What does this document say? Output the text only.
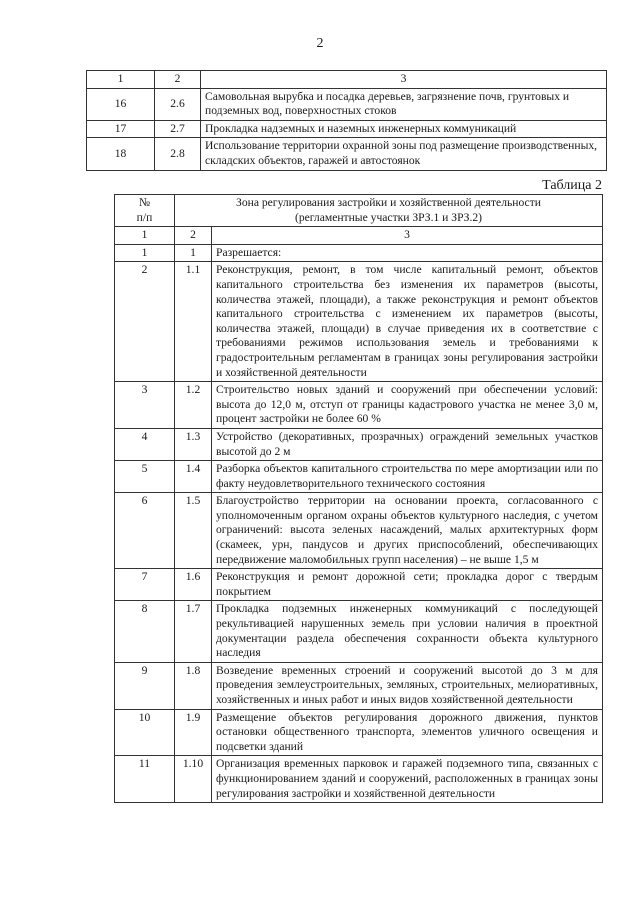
2
1	2	3
16	2.6	Самовольная вырубка и посадка деревьев, загрязнение почв, грунтовых и подземных вод, поверхностных стоков
17	2.7	Прокладка надземных и наземных инженерных коммуникаций
18	2.8	Использование территории охранной зоны под размещение производственных, складских объектов, гаражей и автостоянок
Таблица 2
№
п/п	Зона регулирования застройки и хозяйственной деятельности
(регламентные участки ЗРЗ.1 и ЗРЗ.2)	
1	2	3
1	1	Разрешается:
2	1.1	Реконструкция, ремонт, в том числе капитальный ремонт, объектов капитального строительства без изменения их параметров (высоты, количества этажей, площади), а также реконструкция и ремонт объектов капитального строительства с изменением их параметров (высоты, количества этажей, площади) в случае приведения их в соответствие с требованиями режимов использования земель и требованиями к градостроительным регламентам в границах зоны регулирования застройки и хозяйственной деятельности
3	1.2	Строительство новых зданий и сооружений при обеспечении условий: высота до 12,0 м, отступ от границы кадастрового участка не менее 3,0 м, процент застройки не более 60 %
4	1.3	Устройство (декоративных, прозрачных) ограждений земельных участков высотой до 2 м
5	1.4	Разборка объектов капитального строительства по мере амортизации или по факту неудовлетворительного технического состояния
6	1.5	Благоустройство территории на основании проекта, согласованного с уполномоченным органом охраны объектов культурного наследия, с учетом ограничений: высота зеленых насаждений, малых архитектурных форм (скамеек, урн, пандусов и других приспособлений, обеспечивающих передвижение маломобильных групп населения) – не выше 1,5 м
7	1.6	Реконструкция и ремонт дорожной сети; прокладка дорог с твердым покрытием
8	1.7	Прокладка подземных инженерных коммуникаций с последующей рекультивацией нарушенных земель при условии наличия в проектной документации раздела обеспечения сохранности объекта культурного наследия
9	1.8	Возведение временных строений и сооружений высотой до 3 м для проведения землеустроительных, земляных, строительных, мелиоративных, хозяйственных и иных работ и иных видов хозяйственной деятельности
10	1.9	Размещение объектов регулирования дорожного движения, пунктов остановки общественного транспорта, элементов уличного освещения и подсветки зданий
11	1.10	Организация временных парковок и гаражей подземного типа, связанных с функционированием зданий и сооружений, расположенных в границах зоны регулирования застройки и хозяйственной деятельности
